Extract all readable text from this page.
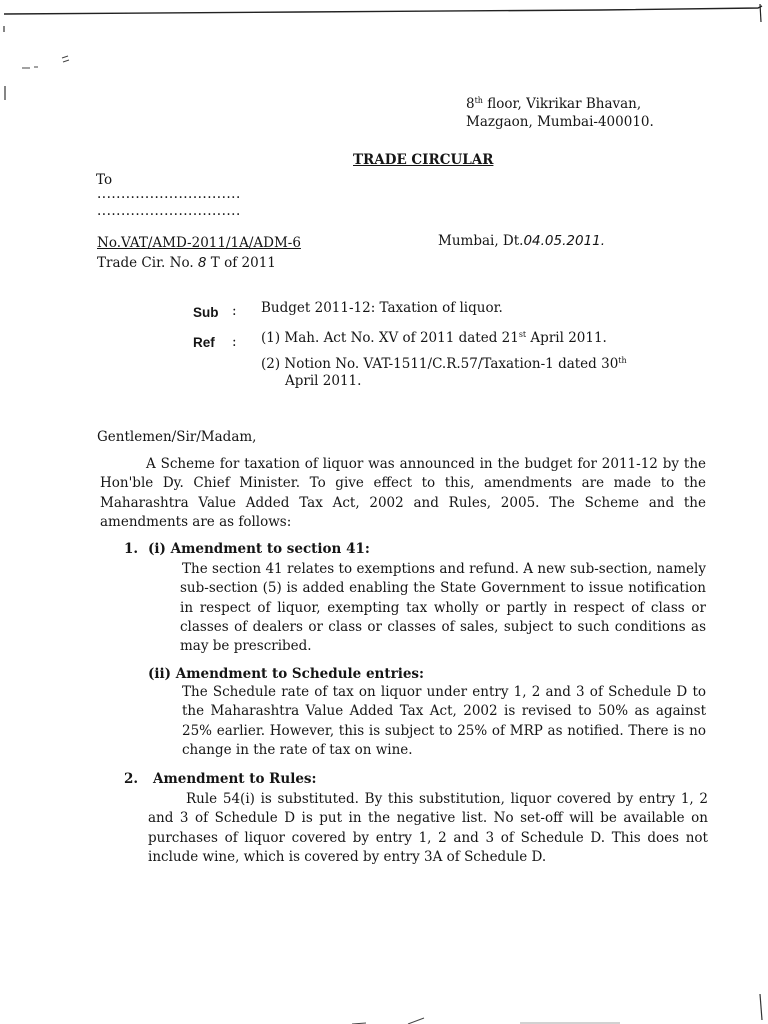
8th floor, Vikrikar Bhavan,
Mazgaon, Mumbai-400010.
TRADE CIRCULAR
To
..............................
..............................
No.VAT/AMD-2011/1A/ADM-6
Trade Cir. No. 8 T of 2011
Mumbai, Dt.04.05.2011.
Sub : Budget 2011-12: Taxation of liquor.
Ref : (1) Mah. Act No. XV of 2011 dated 21st April 2011.
(2) Notion No. VAT-1511/C.R.57/Taxation-1 dated 30th
April 2011.
Gentlemen/Sir/Madam,
A Scheme for taxation of liquor was announced in the budget for 2011-12 by the Hon'ble Dy. Chief Minister. To give effect to this, amendments are made to the Maharashtra Value Added Tax Act, 2002 and Rules, 2005. The Scheme and the amendments are as follows:
1. (i) Amendment to section 41:
The section 41 relates to exemptions and refund. A new sub-section, namely sub-section (5) is added enabling the State Government to issue notification in respect of liquor, exempting tax wholly or partly in respect of class or classes of dealers or class or classes of sales, subject to such conditions as may be prescribed.
(ii) Amendment to Schedule entries:
The Schedule rate of tax on liquor under entry 1, 2 and 3 of Schedule D to the Maharashtra Value Added Tax Act, 2002 is revised to 50% as against 25% earlier. However, this is subject to 25% of MRP as notified. There is no change in the rate of tax on wine.
2. Amendment to Rules:
Rule 54(i) is substituted. By this substitution, liquor covered by entry 1, 2 and 3 of Schedule D is put in the negative list. No set-off will be available on purchases of liquor covered by entry 1, 2 and 3 of Schedule D. This does not include wine, which is covered by entry 3A of Schedule D.
